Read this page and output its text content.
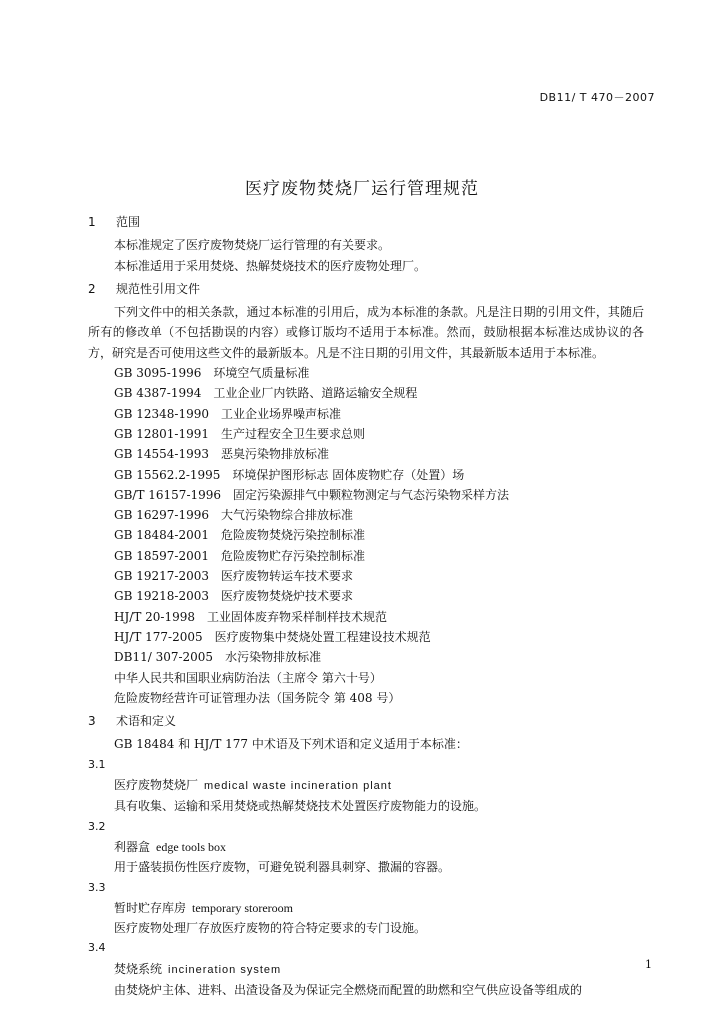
DB11/ T 470－2007
医疗废物焚烧厂运行管理规范

1 范围

本标准规定了医疗废物焚烧厂运行管理的有关要求。

本标准适用于采用焚烧、热解焚烧技术的医疗废物处理厂。

2 规范性引用文件

下列文件中的相关条款，通过本标准的引用后，成为本标准的条款。凡是注日期的引用文件，其随后所有的修改单（不包括勘误的内容）或修订版均不适用于本标准。然而，鼓励根据本标准达成协议的各方，研究是否可使用这些文件的最新版本。凡是不注日期的引用文件，其最新版本适用于本标准。

GB 3095-1996　环境空气质量标准

GB 4387-1994　工业企业厂内铁路、道路运输安全规程

GB 12348-1990　工业企业场界噪声标准

GB 12801-1991　生产过程安全卫生要求总则

GB 14554-1993　恶臭污染物排放标准

GB 15562.2-1995　环境保护图形标志 固体废物贮存（处置）场

GB/T 16157-1996　固定污染源排气中颗粒物测定与气态污染物采样方法

GB 16297-1996　大气污染物综合排放标准

GB 18484-2001　危险废物焚烧污染控制标准

GB 18597-2001　危险废物贮存污染控制标准

GB 19217-2003　医疗废物转运车技术要求

GB 19218-2003　医疗废物焚烧炉技术要求

HJ/T 20-1998　工业固体废弃物采样制样技术规范

HJ/T 177-2005　医疗废物集中焚烧处置工程建设技术规范

DB11/ 307-2005　水污染物排放标准

中华人民共和国职业病防治法（主席令 第六十号）

危险废物经营许可证管理办法（国务院令 第 408 号）

3 术语和定义

GB 18484 和 HJ/T 177 中术语及下列术语和定义适用于本标准：

3.1

医疗废物焚烧厂 medical waste incineration plant

具有收集、运输和采用焚烧或热解焚烧技术处置医疗废物能力的设施。

3.2

利器盒 edge tools box

用于盛装损伤性医疗废物，可避免锐利器具刺穿、撒漏的容器。

3.3

暂时贮存库房 temporary storeroom

医疗废物处理厂存放医疗废物的符合特定要求的专门设施。

3.4

焚烧系统 incineration system

由焚烧炉主体、进料、出渣设备及为保证完全燃烧而配置的助燃和空气供应设备等组成的

1
